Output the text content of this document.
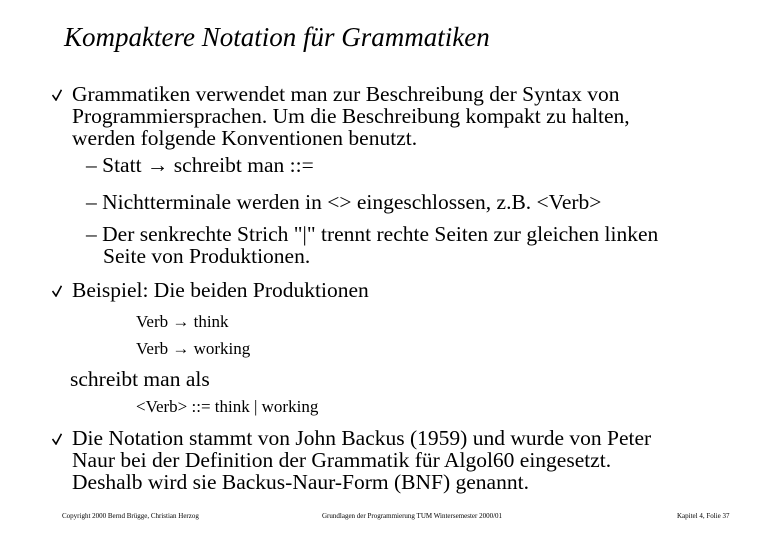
Kompaktere Notation für Grammatiken
Grammatiken verwendet man zur Beschreibung der Syntax von
Programmiersprachen. Um die Beschreibung kompakt zu halten,
werden folgende Konventionen benutzt.
– Statt → schreibt man ::=
– Nichtterminale werden in <> eingeschlossen, z.B. <Verb>
– Der senkrechte Strich "|" trennt rechte Seiten zur gleichen linken
Seite von Produktionen.
Beispiel: Die beiden Produktionen
Verb → think
Verb → working
schreibt man als
<Verb> ::= think | working
Die Notation stammt von John Backus (1959) und wurde von Peter
Naur bei der Definition der Grammatik für Algol60 eingesetzt.
Deshalb wird sie Backus-Naur-Form (BNF) genannt.
Copyright 2000 Bernd Brügge, Christian Herzog	Grundlagen der Programmierung TUM Wintersemester 2000/01	Kapitel 4, Folie 37
